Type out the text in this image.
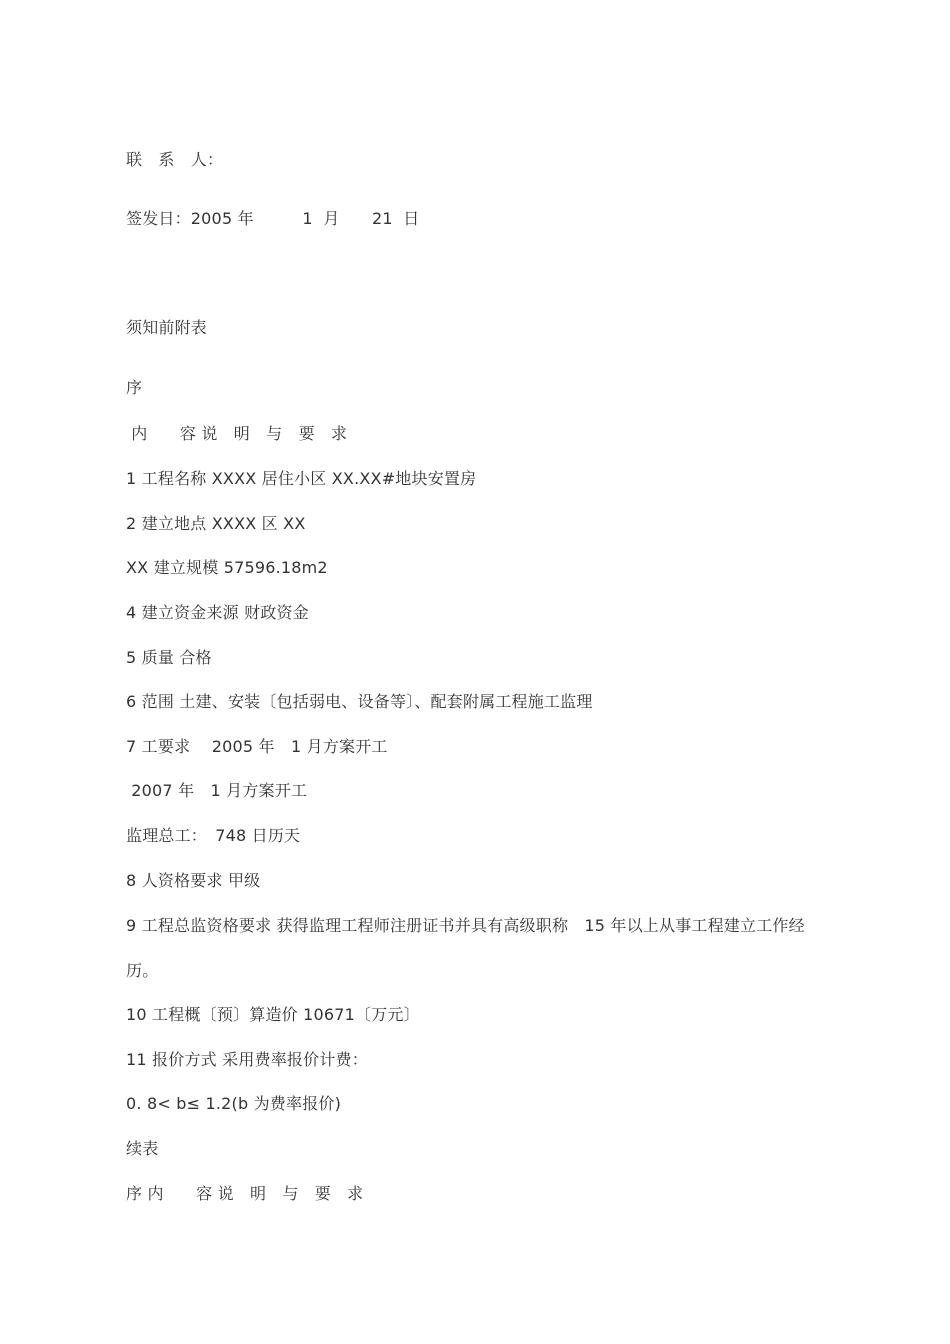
联　系　人：
签发日：2005 年　　　1  月　　21  日
须知前附表
序
内　　容 说　明　与　要　求
1 工程名称 XXXX 居住小区 XX.XX#地块安置房
2 建立地点 XXXX 区 XX
XX 建立规模 57596.18m2
4 建立资金来源 财政资金
5 质量 合格
6 范围 土建、安装〔包括弱电、设备等〕、配套附属工程施工监理
7 工要求　 2005 年　1 月方案开工
2007 年　1 月方案开工
监理总工：　748 日历天
8 人资格要求 甲级
9 工程总监资格要求 获得监理工程师注册证书并具有高级职称　15 年以上从事工程建立工作经历。
10 工程概〔预〕算造价 10671〔万元〕
11 报价方式 采用费率报价计费：
0. 8< b≤ 1.2(b 为费率报价)
续表
序 内　　容 说　明　与　要　求
